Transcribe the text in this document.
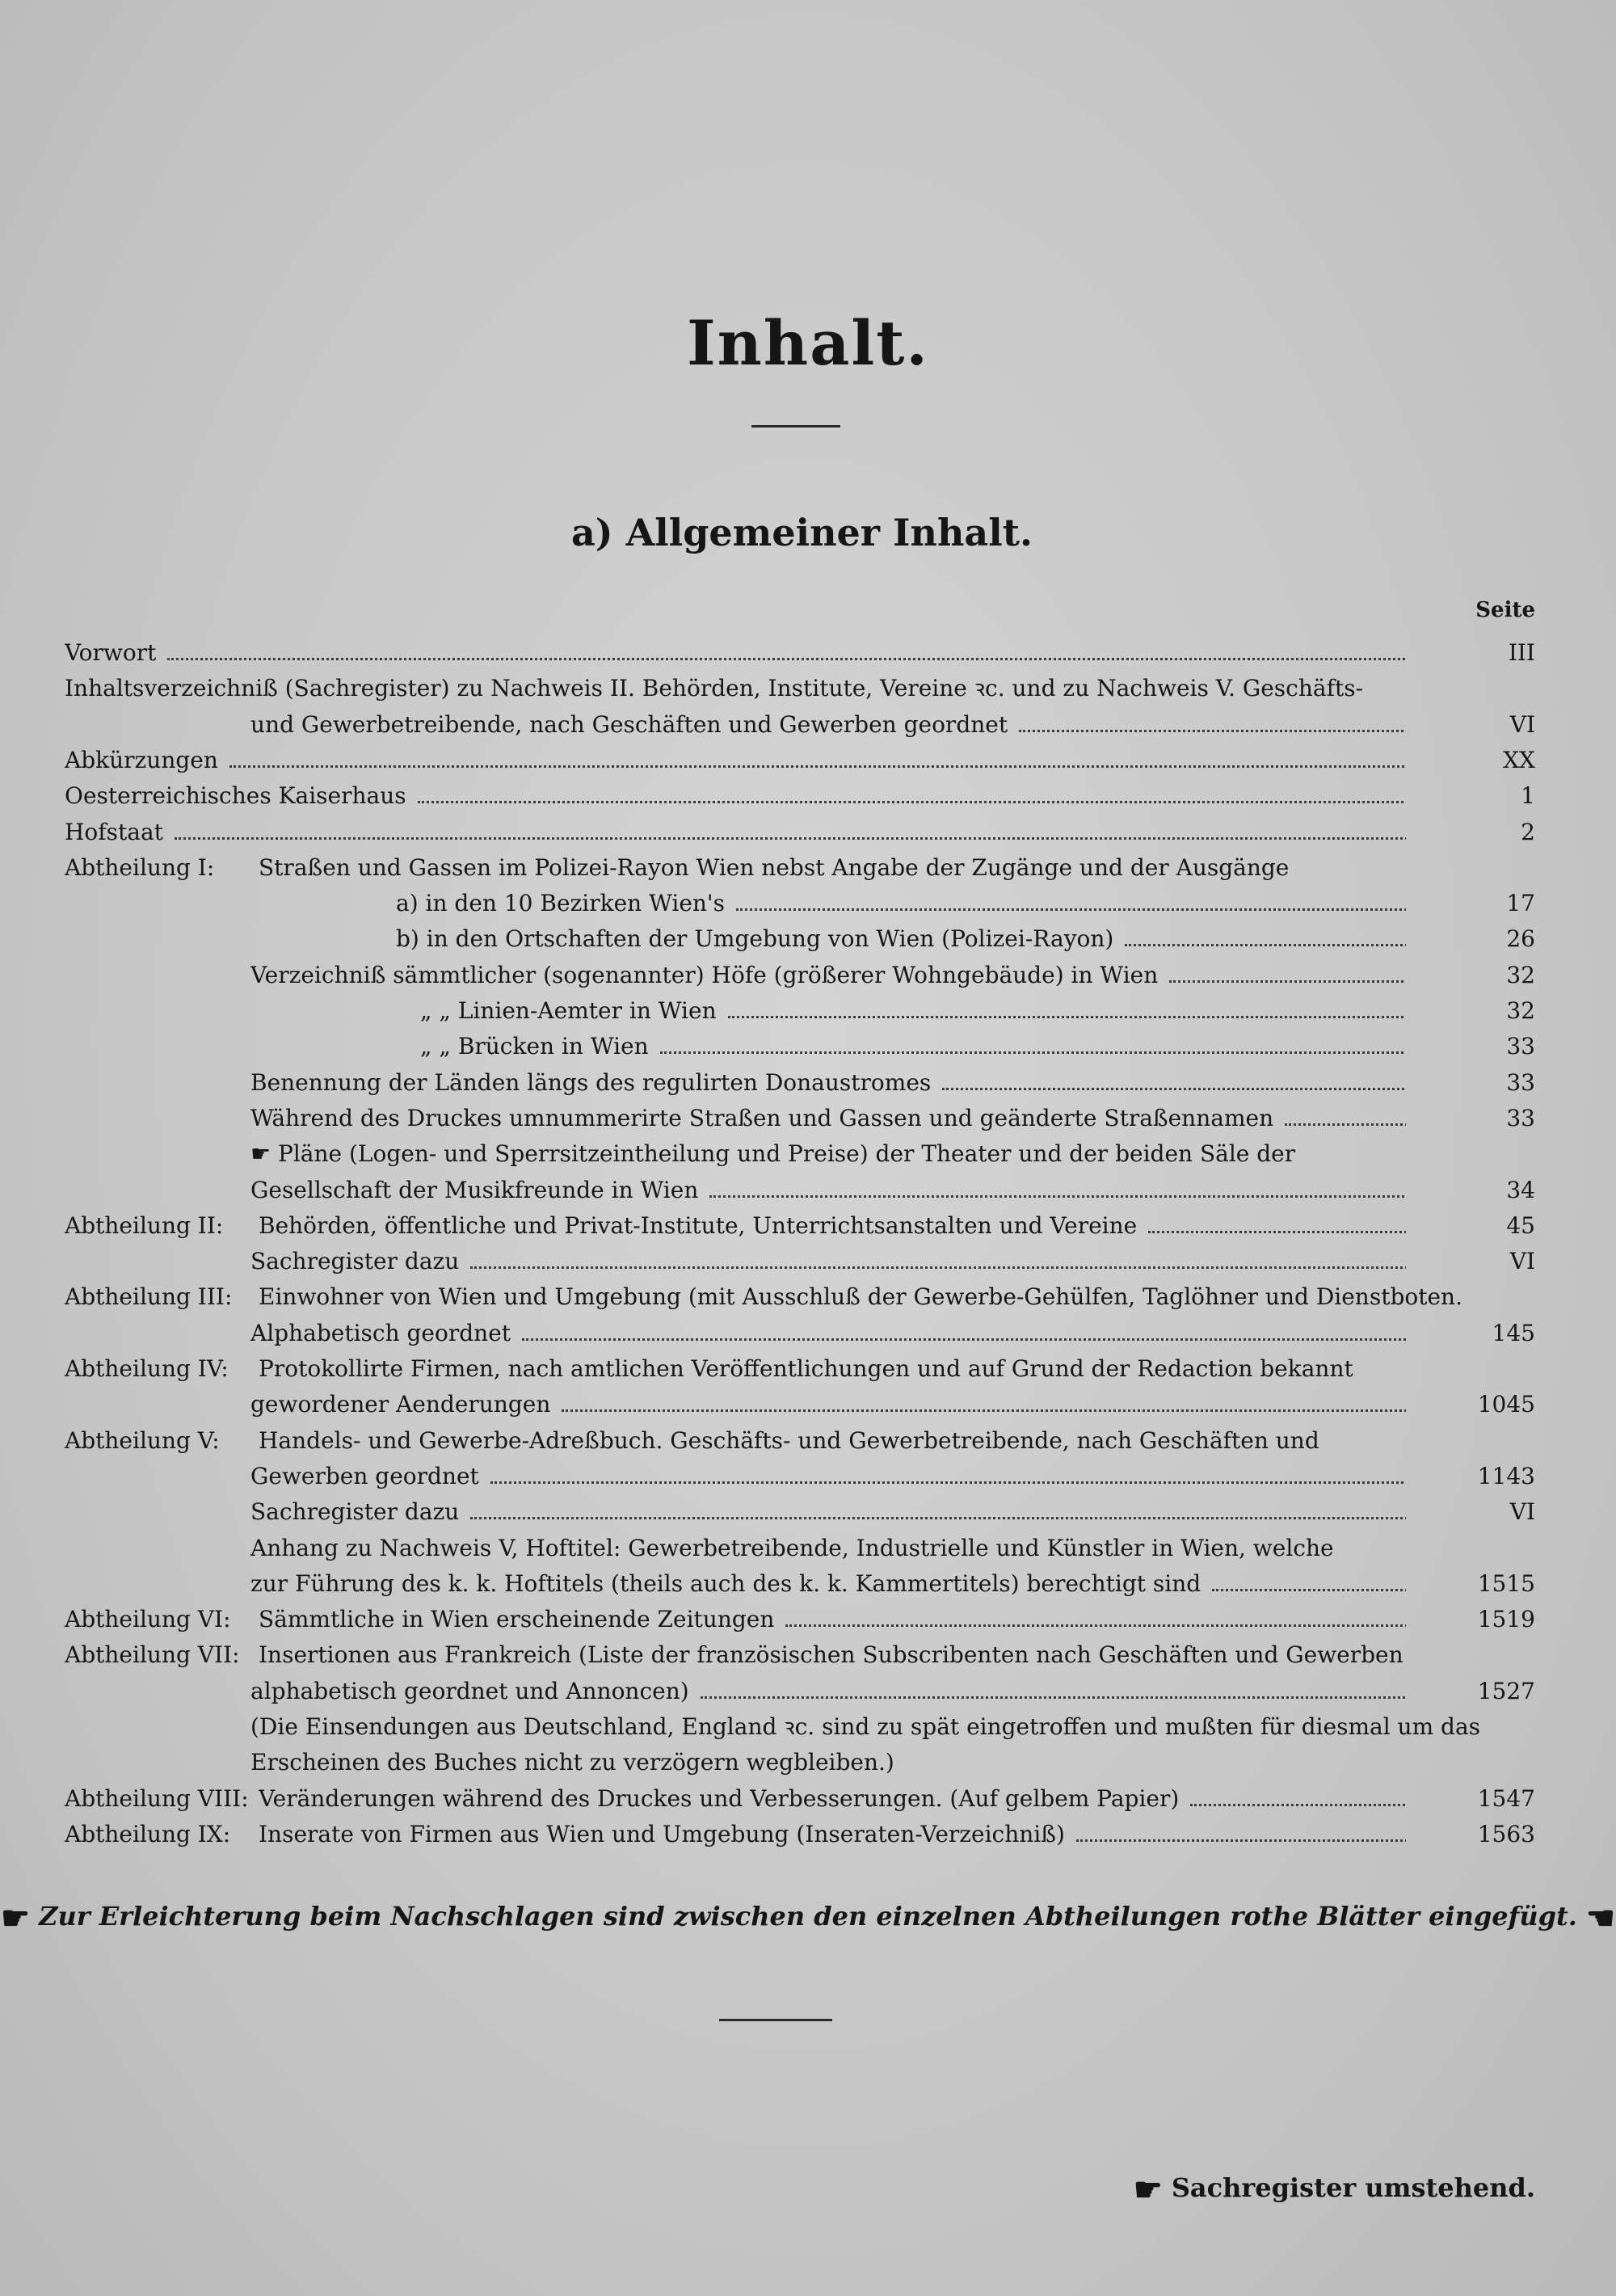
Inhalt.
a) Allgemeiner Inhalt.
Seite
Vorwort	III
Inhaltsverzeichniß (Sachregister) zu Nachweis II. Behörden, Institute, Vereine ꝛc. und zu Nachweis V. Geschäfts-
und Gewerbetreibende, nach Geschäften und Gewerben geordnet	VI
Abkürzungen	XX
Oesterreichisches Kaiserhaus	1
Hofstaat	2
Abtheilung I: Straßen und Gassen im Polizei-Rayon Wien nebst Angabe der Zugänge und der Ausgänge
a) in den 10 Bezirken Wien's	17
b) in den Ortschaften der Umgebung von Wien (Polizei-Rayon)	26
Verzeichniß sämmtlicher (sogenannter) Höfe (größerer Wohngebäude) in Wien	32
„ „ Linien-Aemter in Wien	32
„ „ Brücken in Wien	33
Benennung der Länden längs des regulirten Donaustromes	33
Während des Druckes umnummerirte Straßen und Gassen und geänderte Straßennamen	33
☛ Pläne (Logen- und Sperrsitzeintheilung und Preise) der Theater und der beiden Säle der
Gesellschaft der Musikfreunde in Wien	34
Abtheilung II: Behörden, öffentliche und Privat-Institute, Unterrichtsanstalten und Vereine	45
Sachregister dazu	VI
Abtheilung III: Einwohner von Wien und Umgebung (mit Ausschluß der Gewerbe-Gehülfen, Taglöhner und Dienstboten.
Alphabetisch geordnet	145
Abtheilung IV: Protokollirte Firmen, nach amtlichen Veröffentlichungen und auf Grund der Redaction bekannt
gewordener Aenderungen	1045
Abtheilung V: Handels- und Gewerbe-Adreßbuch. Geschäfts- und Gewerbetreibende, nach Geschäften und
Gewerben geordnet	1143
Sachregister dazu	VI
Anhang zu Nachweis V, Hoftitel: Gewerbetreibende, Industrielle und Künstler in Wien, welche
zur Führung des k. k. Hoftitels (theils auch des k. k. Kammertitels) berechtigt sind	1515
Abtheilung VI: Sämmtliche in Wien erscheinende Zeitungen	1519
Abtheilung VII: Insertionen aus Frankreich (Liste der französischen Subscribenten nach Geschäften und Gewerben
alphabetisch geordnet und Annoncen)	1527
(Die Einsendungen aus Deutschland, England ꝛc. sind zu spät eingetroffen und mußten für diesmal um das
Erscheinen des Buches nicht zu verzögern wegbleiben.)
Abtheilung VIII: Veränderungen während des Druckes und Verbesserungen. (Auf gelbem Papier)	1547
Abtheilung IX: Inserate von Firmen aus Wien und Umgebung (Inseraten-Verzeichniß)	1563
☛ Zur Erleichterung beim Nachschlagen sind zwischen den einzelnen Abtheilungen rothe Blätter eingefügt. ☚
☛ Sachregister umstehend.
